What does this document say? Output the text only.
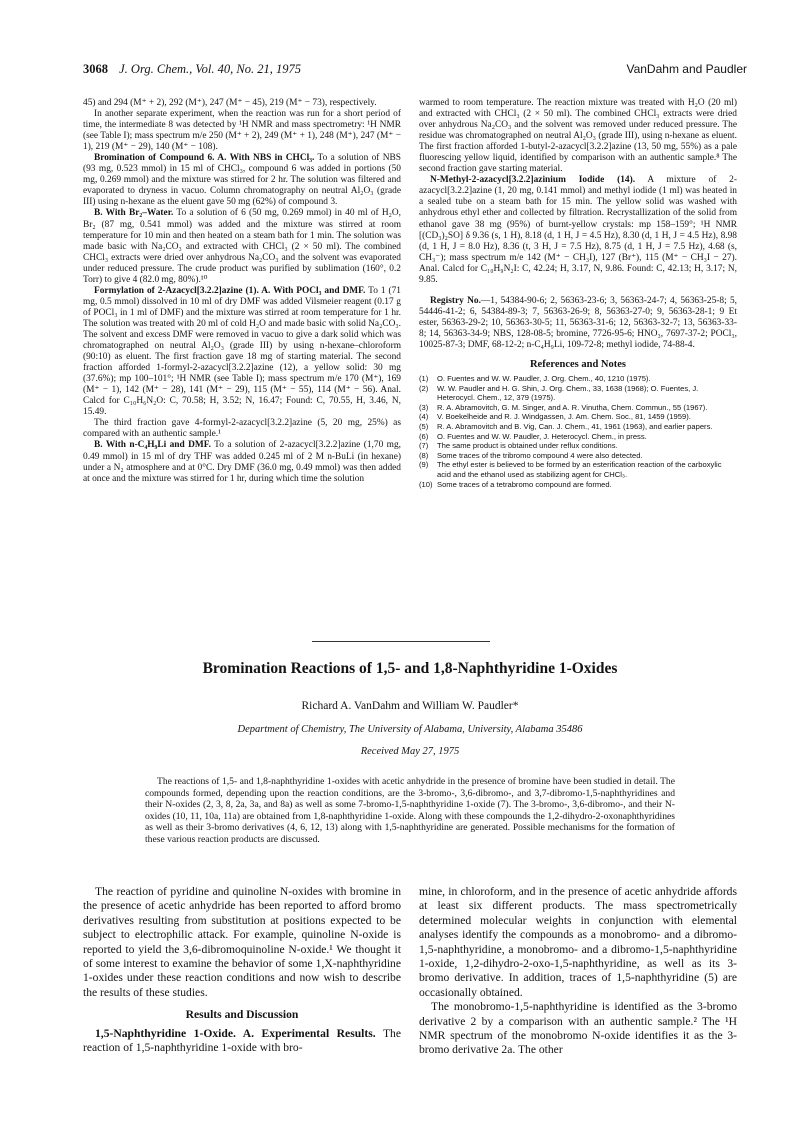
3068 J. Org. Chem., Vol. 40, No. 21, 1975	VanDahm and Paudler

45) and 294 (M⁺ + 2), 292 (M⁺), 247 (M⁺ − 45), 219 (M⁺ − 73), respectively.

In another separate experiment, when the reaction was run for a short period of time, the intermediate 8 was detected by ¹H NMR and mass spectrometry: ¹H NMR (see Table I); mass spectrum m/e 250 (M⁺ + 2), 249 (M⁺ + 1), 248 (M⁺), 247 (M⁺ − 1), 219 (M⁺ − 29), 140 (M⁺ − 108).

Bromination of Compound 6. A. With NBS in CHCl₃. To a solution of NBS (93 mg, 0.523 mmol) in 15 ml of CHCl₃, compound 6 was added in portions (50 mg, 0.269 mmol) and the mixture was stirred for 2 hr. The solution was filtered and evaporated to dryness in vacuo. Column chromatography on neutral Al₂O₃ (grade III) using n-hexane as the eluent gave 50 mg (62%) of compound 3.

B. With Br₂–Water. To a solution of 6 (50 mg, 0.269 mmol) in 40 ml of H₂O, Br₂ (87 mg, 0.541 mmol) was added and the mixture was stirred at room temperature for 10 min and then heated on a steam bath for 1 min. The solution was made basic with Na₂CO₃ and extracted with CHCl₃ (2 × 50 ml). The combined CHCl₃ extracts were dried over anhydrous Na₂CO₃ and the solvent was evaporated under reduced pressure. The crude product was purified by sublimation (160°, 0.2 Torr) to give 4 (82.0 mg, 80%).¹⁰

Formylation of 2-Azacycl[3.2.2]azine (1). A. With POCl₃ and DMF. To 1 (71 mg, 0.5 mmol) dissolved in 10 ml of dry DMF was added Vilsmeier reagent (0.17 g of POCl₃ in 1 ml of DMF) and the mixture was stirred at room temperature for 1 hr. The solution was treated with 20 ml of cold H₂O and made basic with solid Na₂CO₃. The solvent and excess DMF were removed in vacuo to give a dark solid which was chromatographed on neutral Al₂O₃ (grade III) by using n-hexane–chloroform (90:10) as eluent. The first fraction gave 18 mg of starting material. The second fraction afforded 1-formyl-2-azacycl[3.2.2]azine (12), a yellow solid: 30 mg (37.6%); mp 100–101°; ¹H NMR (see Table I); mass spectrum m/e 170 (M⁺), 169 (M⁺ − 1), 142 (M⁺ − 28), 141 (M⁺ − 29), 115 (M⁺ − 55), 114 (M⁺ − 56). Anal. Calcd for C₁₀H₆N₂O: C, 70.58; H, 3.52; N, 16.47; Found: C, 70.55, H, 3.46, N, 15.49.

The third fraction gave 4-formyl-2-azacycl[3.2.2]azine (5, 20 mg, 25%) as compared with an authentic sample.¹

B. With n-C₄H₉Li and DMF. To a solution of 2-azacycl[3.2.2]azine (1,70 mg, 0.49 mmol) in 15 ml of dry THF was added 0.245 ml of 2 M n-BuLi (in hexane) under a N₂ atmosphere and at 0°C. Dry DMF (36.0 mg, 0.49 mmol) was then added at once and the mixture was stirred for 1 hr, during which time the solution

warmed to room temperature. The reaction mixture was treated with H₂O (20 ml) and extracted with CHCl₃ (2 × 50 ml). The combined CHCl₃ extracts were dried over anhydrous Na₂CO₃ and the solvent was removed under reduced pressure. The residue was chromatographed on neutral Al₂O₃ (grade III), using n-hexane as eluent. The first fraction afforded 1-butyl-2-azacycl[3.2.2]azine (13, 50 mg, 55%) as a pale fluorescing yellow liquid, identified by comparison with an authentic sample.⁸ The second fraction gave starting material.

N-Methyl-2-azacycl[3.2.2]azinium Iodide (14). A mixture of 2-azacycl[3.2.2]azine (1, 20 mg, 0.141 mmol) and methyl iodide (1 ml) was heated in a sealed tube on a steam bath for 15 min. The yellow solid was washed with anhydrous ethyl ether and collected by filtration. Recrystallization of the solid from ethanol gave 38 mg (95%) of burnt-yellow crystals: mp 158–159°; ¹H NMR [(CD₃)₂SO] δ 9.36 (s, 1 H), 8.18 (d, 1 H, J = 4.5 Hz), 8.30 (d, 1 H, J = 4.5 Hz), 8.98 (d, 1 H, J = 8.0 Hz), 8.36 (t, 3 H, J = 7.5 Hz), 8.75 (d, 1 H, J = 7.5 Hz), 4.68 (s, CH₃⁻); mass spectrum m/e 142 (M⁺ − CH₃I), 127 (Br⁺), 115 (M⁺ − CH₃I − 27). Anal. Calcd for C₁₀H₉N₂I: C, 42.24; H, 3.17, N, 9.86. Found: C, 42.13; H, 3.17; N, 9.85.

Registry No.—1, 54384-90-6; 2, 56363-23-6; 3, 56363-24-7; 4, 56363-25-8; 5, 54446-41-2; 6, 54384-89-3; 7, 56363-26-9; 8, 56363-27-0; 9, 56363-28-1; 9 Et ester, 56363-29-2; 10, 56363-30-5; 11, 56363-31-6; 12, 56363-32-7; 13, 56363-33-8; 14, 56363-34-9; NBS, 128-08-5; bromine, 7726-95-6; HNO₃, 7697-37-2; POCl₃, 10025-87-3; DMF, 68-12-2; n-C₄H₉Li, 109-72-8; methyl iodide, 74-88-4.

References and Notes
(1)	O. Fuentes and W. W. Paudler, J. Org. Chem., 40, 1210 (1975).
(2)	W. W. Paudler and H. G. Shin, J. Org. Chem., 33, 1638 (1968); O. Fuentes, J. Heterocycl. Chem., 12, 379 (1975).
(3)	R. A. Abramovitch, G. M. Singer, and A. R. Vinutha, Chem. Commun., 55 (1967).
(4)	V. Boekelheide and R. J. Windgassen, J. Am. Chem. Soc., 81, 1459 (1959).
(5)	R. A. Abramovitch and B. Vig, Can. J. Chem., 41, 1961 (1963), and earlier papers.
(6)	O. Fuentes and W. W. Paudler, J. Heterocycl. Chem., in press.
(7)	The same product is obtained under reflux conditions.
(8)	Some traces of the tribromo compound 4 were also detected.
(9)	The ethyl ester is believed to be formed by an esterification reaction of the carboxylic acid and the ethanol used as stabilizing agent for CHCl₃.
(10) Some traces of a tetrabromo compound are formed.
Bromination Reactions of 1,5- and 1,8-Naphthyridine 1-Oxides
Richard A. VanDahm and William W. Paudler*
Department of Chemistry, The University of Alabama, University, Alabama 35486
Received May 27, 1975
The reactions of 1,5- and 1,8-naphthyridine 1-oxides with acetic anhydride in the presence of bromine have been studied in detail. The compounds formed, depending upon the reaction conditions, are the 3-bromo-, 3,6-dibromo-, and 3,7-dibromo-1,5-naphthyridines and their N-oxides (2, 3, 8, 2a, 3a, and 8a) as well as some 7-bromo-1,5-naphthyridine 1-oxide (7). The 3-bromo-, 3,6-dibromo-, and their N-oxides (10, 11, 10a, 11a) are obtained from 1,8-naphthyridine 1-oxide. Along with these compounds the 1,2-dihydro-2-oxonaphthyridines as well as their 3-bromo derivatives (4, 6, 12, 13) along with 1,5-naphthyridine are generated. Possible mechanisms for the formation of these various reaction products are discussed.

The reaction of pyridine and quinoline N-oxides with bromine in the presence of acetic anhydride has been reported to afford bromo derivatives resulting from substitution at positions expected to be subject to electrophilic attack. For example, quinoline N-oxide is reported to yield the 3,6-dibromoquinoline N-oxide.¹ We thought it of some interest to examine the behavior of some 1,X-naphthyridine 1-oxides under these reaction conditions and now wish to describe the results of these studies.

Results and Discussion

1,5-Naphthyridine 1-Oxide. A. Experimental Results. The reaction of 1,5-naphthyridine 1-oxide with bro-

mine, in chloroform, and in the presence of acetic anhydride affords at least six different products. The mass spectrometrically determined molecular weights in conjunction with elemental analyses identify the compounds as a monobromo- and a dibromo-1,5-naphthyridine, a monobromo- and a dibromo-1,5-naphthyridine 1-oxide, 1,2-dihydro-2-oxo-1,5-naphthyridine, as well as its 3-bromo derivative. In addition, traces of 1,5-naphthyridine (5) are occasionally obtained.

The monobromo-1,5-naphthyridine is identified as the 3-bromo derivative 2 by a comparison with an authentic sample.² The ¹H NMR spectrum of the monobromo N-oxide identifies it as the 3-bromo derivative 2a. The other
